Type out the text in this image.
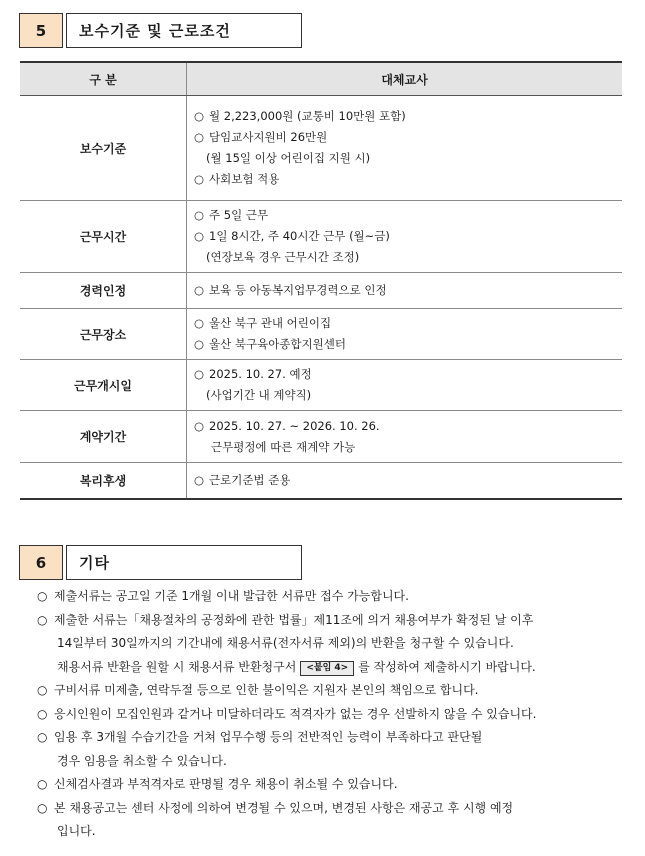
5	보수기준 및 근로조건
구 분	대체교사
보수기준	○ 월 2,223,000원 (교통비 10만원 포함)
○ 담임교사지원비 26만원
(월 15일 이상 어린이집 지원 시)
○ 사회보험 적용

근무시간	○ 주 5일 근무
○ 1일 8시간, 주 40시간 근무 (월~금)
(연장보육 경우 근무시간 조정)

경력인정	○ 보육 등 아동복지업무경력으로 인정

근무장소	○ 울산 북구 관내 어린이집
○ 울산 북구육아종합지원센터

근무개시일	○ 2025. 10. 27. 예정
(사업기간 내 계약직)

계약기간	○ 2025. 10. 27. ~ 2026. 10. 26.
근무평정에 따른 재계약 가능

복리후생	○ 근로기준법 준용
6	기타
○ 제출서류는 공고일 기준 1개월 이내 발급한 서류만 접수 가능합니다.
○ 제출한 서류는「채용절차의 공정화에 관한 법률」제11조에 의거 채용여부가 확정된 날 이후
14일부터 30일까지의 기간내에 채용서류(전자서류 제외)의 반환을 청구할 수 있습니다.
채용서류 반환을 원할 시 채용서류 반환청구서 <붙임 4> 를 작성하여 제출하시기 바랍니다.
○ 구비서류 미제출, 연락두절 등으로 인한 불이익은 지원자 본인의 책임으로 합니다.
○ 응시인원이 모집인원과 같거나 미달하더라도 적격자가 없는 경우 선발하지 않을 수 있습니다.
○ 임용 후 3개월 수습기간을 거쳐 업무수행 등의 전반적인 능력이 부족하다고 판단될
경우 임용을 취소할 수 있습니다.
○ 신체검사결과 부적격자로 판명될 경우 채용이 취소될 수 있습니다.
○ 본 채용공고는 센터 사정에 의하여 변경될 수 있으며, 변경된 사항은 재공고 후 시행 예정
입니다.
